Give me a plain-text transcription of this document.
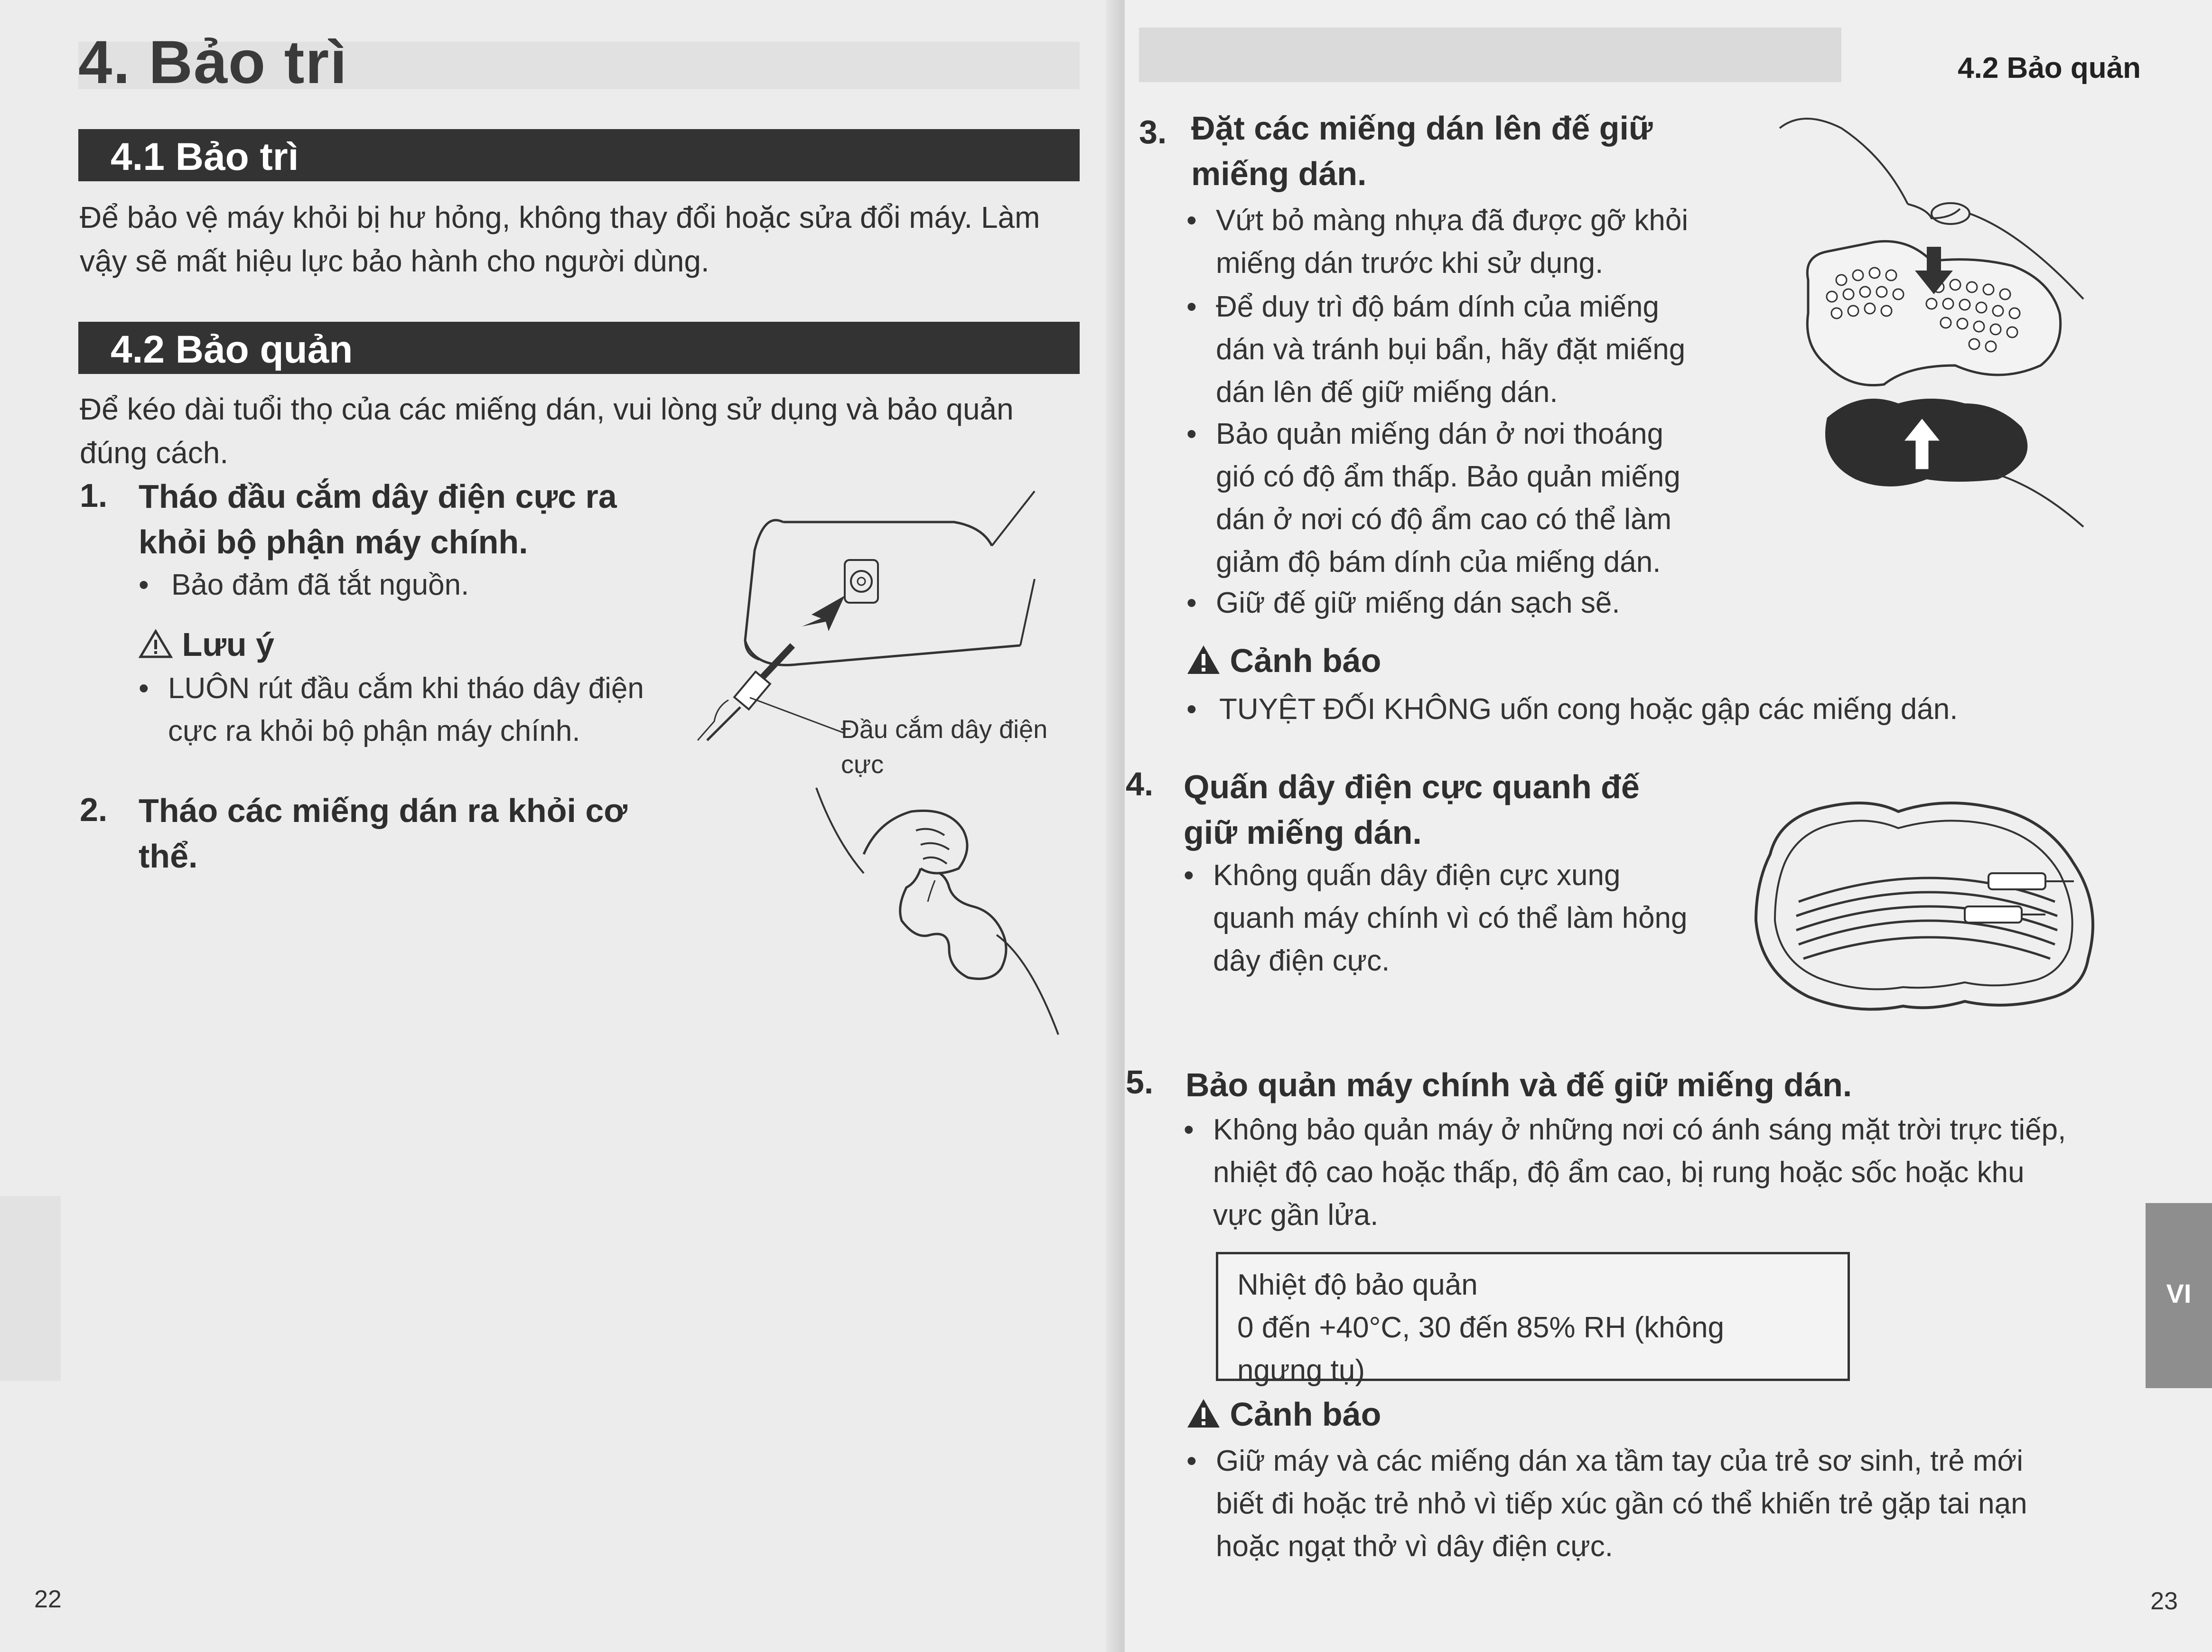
4. Bảo trì
4.1 Bảo trì
Để bảo vệ máy khỏi bị hư hỏng, không thay đổi hoặc sửa đổi máy. Làm
vậy sẽ mất hiệu lực bảo hành cho người dùng.
4.2 Bảo quản
Để kéo dài tuổi thọ của các miếng dán, vui lòng sử dụng và bảo quản
đúng cách.
1. Tháo đầu cắm dây điện cực ra
khỏi bộ phận máy chính.
• Bảo đảm đã tắt nguồn.
Lưu ý
• LUÔN rút đầu cắm khi tháo dây điện
cực ra khỏi bộ phận máy chính.	Đầu cắm dây điện
cực
2. Tháo các miếng dán ra khỏi cơ
thể.
22
4.2 Bảo quản
3. Đặt các miếng dán lên đế giữ
miếng dán.
• Vứt bỏ màng nhựa đã được gỡ khỏi
miếng dán trước khi sử dụng.
• Để duy trì độ bám dính của miếng
dán và tránh bụi bẩn, hãy đặt miếng
dán lên đế giữ miếng dán.
• Bảo quản miếng dán ở nơi thoáng
gió có độ ẩm thấp. Bảo quản miếng
dán ở nơi có độ ẩm cao có thể làm
giảm độ bám dính của miếng dán.
• Giữ đế giữ miếng dán sạch sẽ.
Cảnh báo
• TUYỆT ĐỐI KHÔNG uốn cong hoặc gập các miếng dán.
4. Quấn dây điện cực quanh đế
giữ miếng dán.
• Không quấn dây điện cực xung
quanh máy chính vì có thể làm hỏng
dây điện cực.
5. Bảo quản máy chính và đế giữ miếng dán.
• Không bảo quản máy ở những nơi có ánh sáng mặt trời trực tiếp,
nhiệt độ cao hoặc thấp, độ ẩm cao, bị rung hoặc sốc hoặc khu
vực gần lửa.
Nhiệt độ bảo quản
0 đến +40°C, 30 đến 85% RH (không
ngưng tụ)
Cảnh báo
• Giữ máy và các miếng dán xa tầm tay của trẻ sơ sinh, trẻ mới
biết đi hoặc trẻ nhỏ vì tiếp xúc gần có thể khiến trẻ gặp tai nạn
hoặc ngạt thở vì dây điện cực.
VI
23
